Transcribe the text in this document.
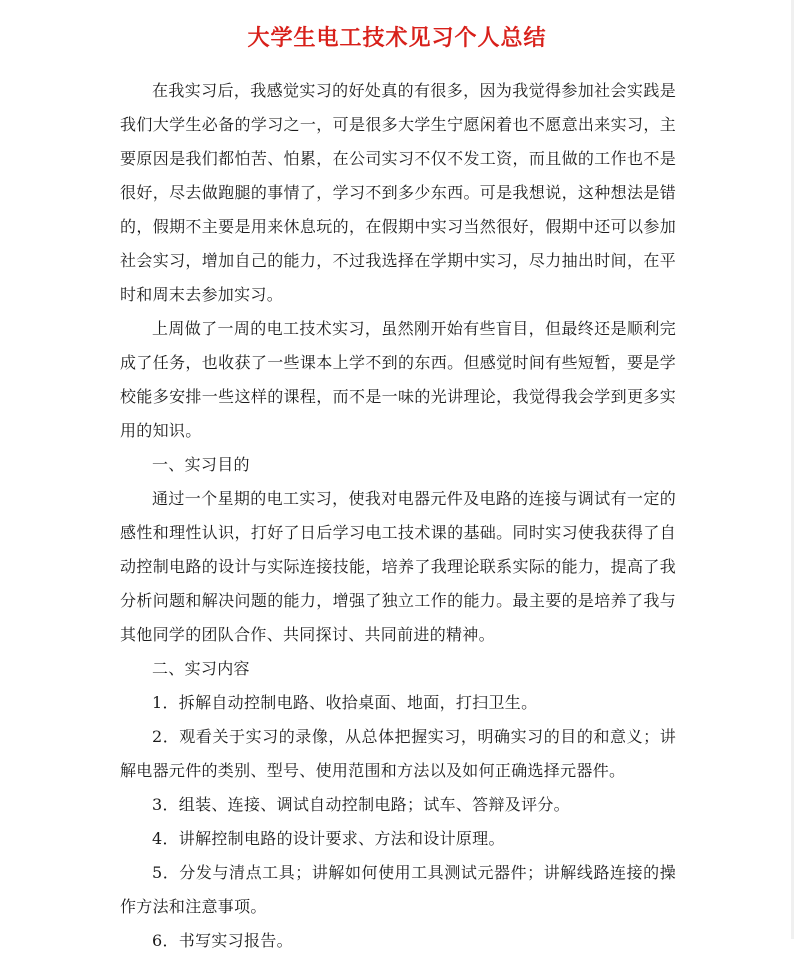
大学生电工技术见习个人总结

在我实习后，我感觉实习的好处真的有很多，因为我觉得参加社会实践是我们大学生必备的学习之一，可是很多大学生宁愿闲着也不愿意出来实习，主要原因是我们都怕苦、怕累，在公司实习不仅不发工资，而且做的工作也不是很好，尽去做跑腿的事情了，学习不到多少东西。可是我想说，这种想法是错的，假期不主要是用来休息玩的，在假期中实习当然很好，假期中还可以参加社会实习，增加自己的能力，不过我选择在学期中实习，尽力抽出时间，在平时和周末去参加实习。

上周做了一周的电工技术实习，虽然刚开始有些盲目，但最终还是顺利完成了任务，也收获了一些课本上学不到的东西。但感觉时间有些短暂，要是学校能多安排一些这样的课程，而不是一味的光讲理论，我觉得我会学到更多实用的知识。

一、实习目的

通过一个星期的电工实习，使我对电器元件及电路的连接与调试有一定的感性和理性认识，打好了日后学习电工技术课的基础。同时实习使我获得了自动控制电路的设计与实际连接技能，培养了我理论联系实际的能力，提高了我分析问题和解决问题的能力，增强了独立工作的能力。最主要的是培养了我与其他同学的团队合作、共同探讨、共同前进的精神。

二、实习内容

1．拆解自动控制电路、收拾桌面、地面，打扫卫生。

2．观看关于实习的录像，从总体把握实习，明确实习的目的和意义；讲解电器元件的类别、型号、使用范围和方法以及如何正确选择元器件。

3．组装、连接、调试自动控制电路；试车、答辩及评分。

4．讲解控制电路的设计要求、方法和设计原理。

5．分发与清点工具；讲解如何使用工具测试元器件；讲解线路连接的操作方法和注意事项。

6．书写实习报告。
